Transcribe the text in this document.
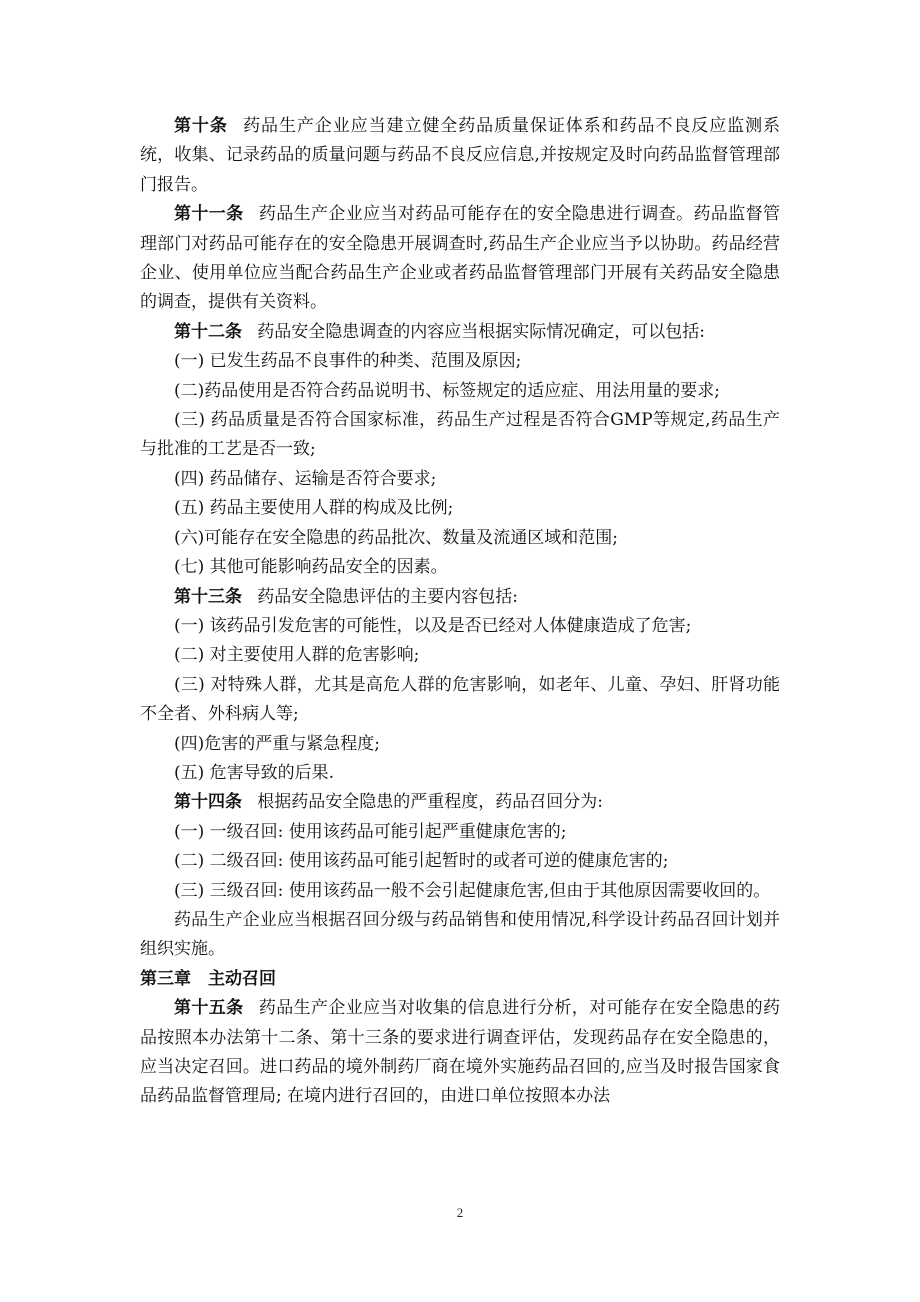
第十条 药品生产企业应当建立健全药品质量保证体系和药品不良反应监测系统，收集、记录药品的质量问题与药品不良反应信息,并按规定及时向药品监督管理部门报告。

第十一条 药品生产企业应当对药品可能存在的安全隐患进行调查。药品监督管理部门对药品可能存在的安全隐患开展调查时,药品生产企业应当予以协助。药品经营企业、使用单位应当配合药品生产企业或者药品监督管理部门开展有关药品安全隐患的调查，提供有关资料。

第十二条 药品安全隐患调查的内容应当根据实际情况确定，可以包括:

(一) 已发生药品不良事件的种类、范围及原因;

(二)药品使用是否符合药品说明书、标签规定的适应症、用法用量的要求;

(三) 药品质量是否符合国家标准，药品生产过程是否符合GMP等规定,药品生产与批准的工艺是否一致;

(四) 药品储存、运输是否符合要求;

(五) 药品主要使用人群的构成及比例;

(六)可能存在安全隐患的药品批次、数量及流通区域和范围;

(七) 其他可能影响药品安全的因素。

第十三条 药品安全隐患评估的主要内容包括:

(一) 该药品引发危害的可能性，以及是否已经对人体健康造成了危害;

(二) 对主要使用人群的危害影响;

(三) 对特殊人群，尤其是高危人群的危害影响，如老年、儿童、孕妇、肝肾功能不全者、外科病人等;

(四)危害的严重与紧急程度;

(五) 危害导致的后果.

第十四条 根据药品安全隐患的严重程度，药品召回分为:

(一) 一级召回: 使用该药品可能引起严重健康危害的;

(二) 二级召回: 使用该药品可能引起暂时的或者可逆的健康危害的;

(三) 三级召回: 使用该药品一般不会引起健康危害,但由于其他原因需要收回的。

药品生产企业应当根据召回分级与药品销售和使用情况,科学设计药品召回计划并组织实施。

第三章 主动召回

第十五条 药品生产企业应当对收集的信息进行分析，对可能存在安全隐患的药品按照本办法第十二条、第十三条的要求进行调查评估，发现药品存在安全隐患的，应当决定召回。进口药品的境外制药厂商在境外实施药品召回的,应当及时报告国家食品药品监督管理局; 在境内进行召回的，由进口单位按照本办法

2
